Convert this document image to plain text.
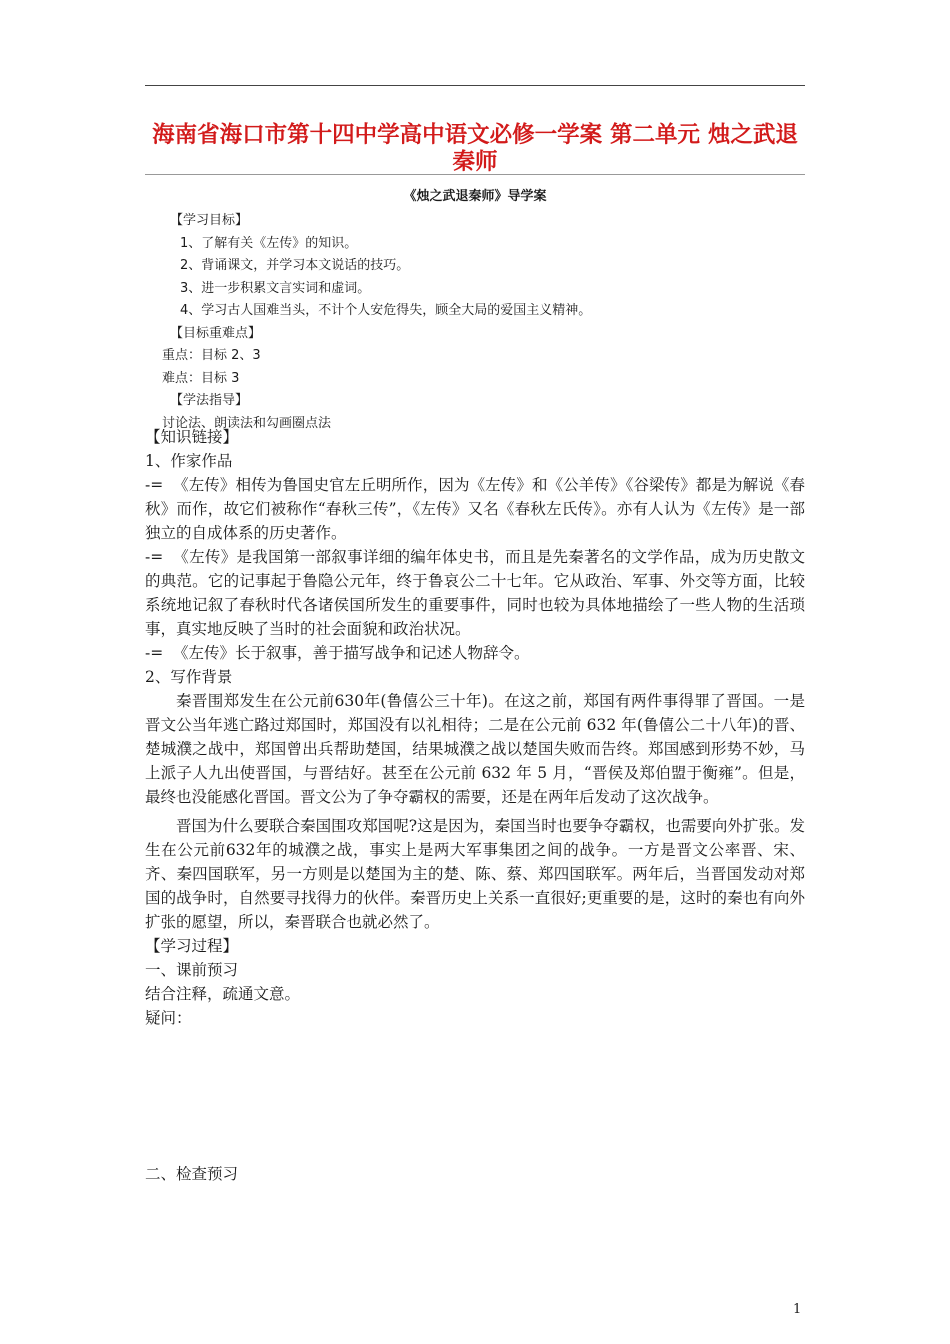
海南省海口市第十四中学高中语文必修一学案 第二单元 烛之武退
秦师
《烛之武退秦师》导学案
【学习目标】
1、了解有关《左传》的知识。
2、背诵课文，并学习本文说话的技巧。
3、进一步积累文言实词和虚词。
4、学习古人国难当头，不计个人安危得失，顾全大局的爱国主义精神。
【目标重难点】
重点：目标 2、3
难点：目标 3
【学法指导】
讨论法、朗读法和勾画圈点法

【知识链接】

1、作家作品

-= 《左传》相传为鲁国史官左丘明所作，因为《左传》和《公羊传》《谷梁传》都是为解说《春秋》而作，故它们被称作“春秋三传”，《左传》又名《春秋左氏传》。亦有人认为《左传》是一部独立的自成体系的历史著作。

-= 《左传》是我国第一部叙事详细的编年体史书，而且是先秦著名的文学作品，成为历史散文的典范。它的记事起于鲁隐公元年，终于鲁哀公二十七年。它从政治、军事、外交等方面，比较系统地记叙了春秋时代各诸侯国所发生的重要事件，同时也较为具体地描绘了一些人物的生活琐事，真实地反映了当时的社会面貌和政治状况。

-= 《左传》长于叙事，善于描写战争和记述人物辞令。

2、写作背景

秦晋围郑发生在公元前630年(鲁僖公三十年)。在这之前，郑国有两件事得罪了晋国。一是晋文公当年逃亡路过郑国时，郑国没有以礼相待；二是在公元前 632 年(鲁僖公二十八年)的晋、楚城濮之战中，郑国曾出兵帮助楚国，结果城濮之战以楚国失败而告终。郑国感到形势不妙，马上派子人九出使晋国，与晋结好。甚至在公元前 632 年 5 月，“晋侯及郑伯盟于衡雍”。但是，最终也没能感化晋国。晋文公为了争夺霸权的需要，还是在两年后发动了这次战争。

晋国为什么要联合秦国围攻郑国呢?这是因为，秦国当时也要争夺霸权，也需要向外扩张。发生在公元前632年的城濮之战，事实上是两大军事集团之间的战争。一方是晋文公率晋、宋、齐、秦四国联军，另一方则是以楚国为主的楚、陈、蔡、郑四国联军。两年后，当晋国发动对郑国的战争时，自然要寻找得力的伙伴。秦晋历史上关系一直很好;更重要的是，这时的秦也有向外扩张的愿望，所以，秦晋联合也就必然了。

【学习过程】

一、课前预习

结合注释，疏通文意。

疑问：

二、检查预习

1
